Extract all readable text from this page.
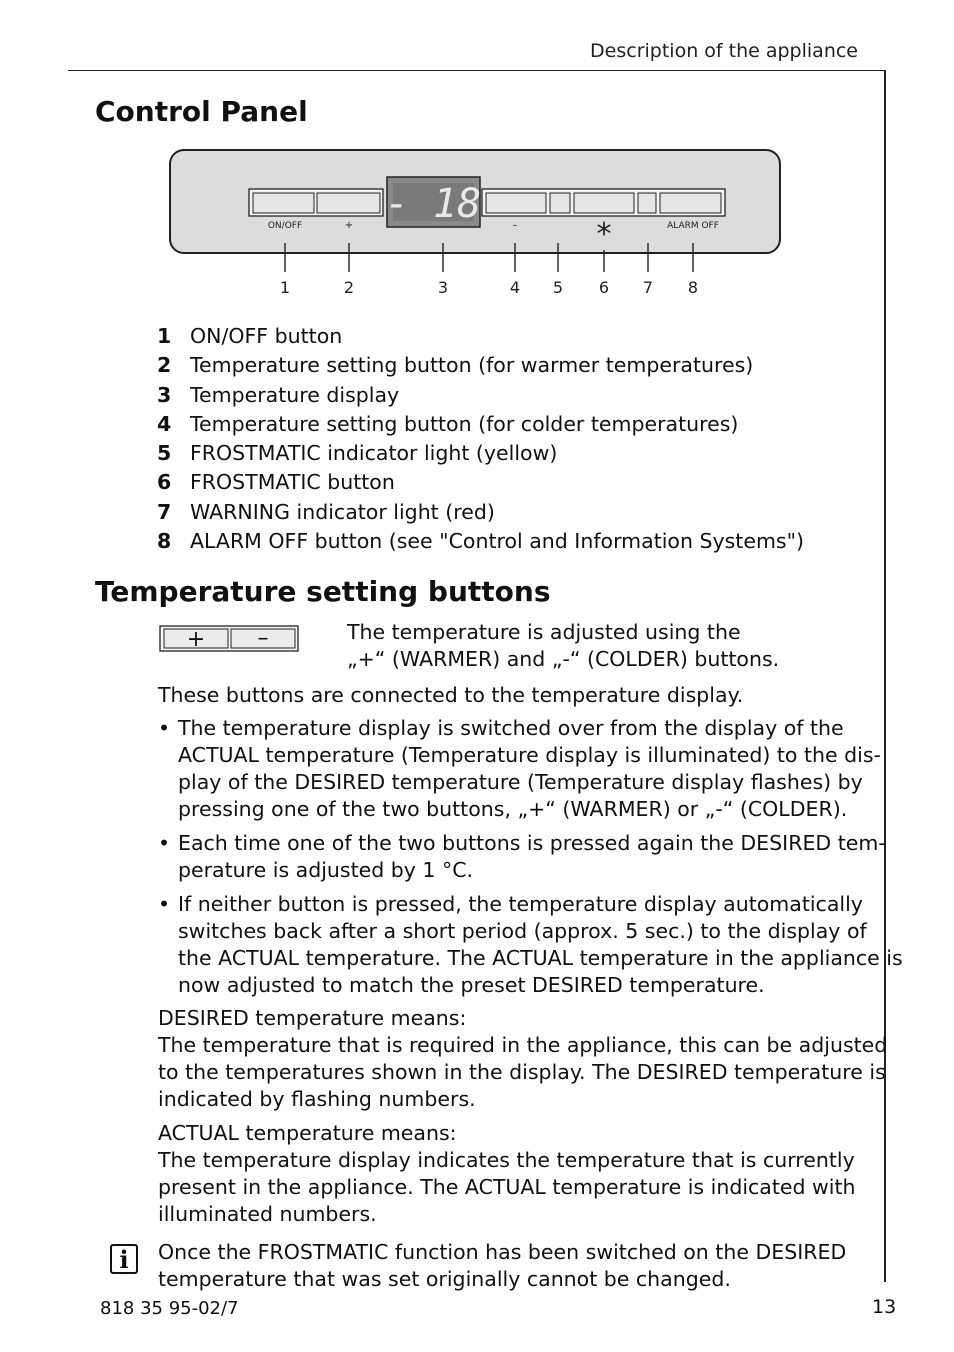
Description of the appliance
Control Panel
- 18
ON/OFF	+	–	*	ALARM OFF
1	2	3	4 5 6 7 8
1 ON/OFF button
2 Temperature setting button (for warmer temperatures)
3 Temperature display
4 Temperature setting button (for colder temperatures)
5 FROSTMATIC indicator light (yellow)
6 FROSTMATIC button
7 WARNING indicator light (red)
8 ALARM OFF button (see "Control and Information Systems")
Temperature setting buttons
+ –	The temperature is adjusted using the
„+“ (WARMER) and „-“ (COLDER) buttons.
These buttons are connected to the temperature display.
• The temperature display is switched over from the display of the
ACTUAL temperature (Temperature display is illuminated) to the dis-
play of the DESIRED temperature (Temperature display flashes) by
pressing one of the two buttons, „+“ (WARMER) or „-“ (COLDER).
• Each time one of the two buttons is pressed again the DESIRED tem-
perature is adjusted by 1 °C.
• If neither button is pressed, the temperature display automatically
switches back after a short period (approx. 5 sec.) to the display of
the ACTUAL temperature. The ACTUAL temperature in the appliance is
now adjusted to match the preset DESIRED temperature.
DESIRED temperature means:
The temperature that is required in the appliance, this can be adjusted
to the temperatures shown in the display. The DESIRED temperature is
indicated by flashing numbers.
ACTUAL temperature means:
The temperature display indicates the temperature that is currently
present in the appliance. The ACTUAL temperature is indicated with
illuminated numbers.
i	Once the FROSTMATIC function has been switched on the DESIRED
temperature that was set originally cannot be changed.
818 35 95-02/7	13
